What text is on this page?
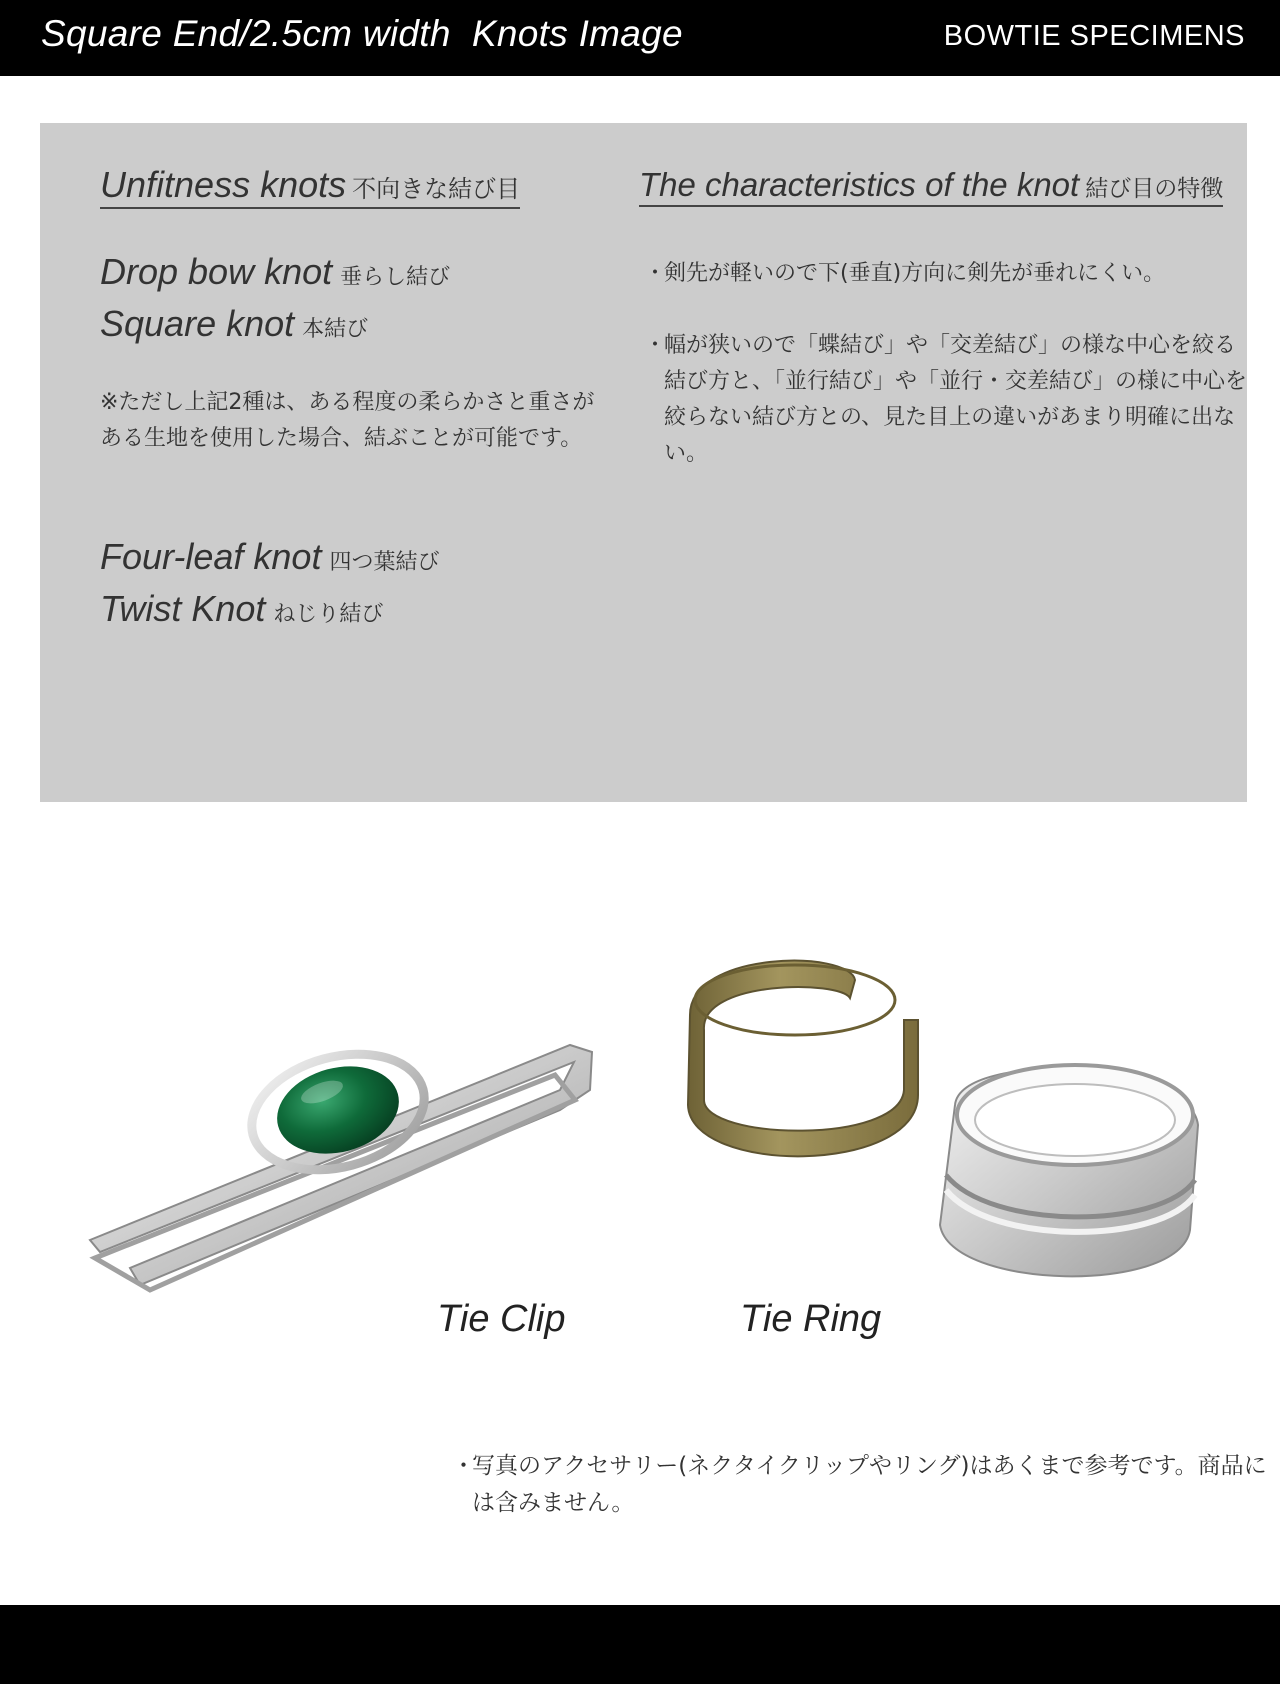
Square End/2.5cm width  Knots Image	BOWTIE SPECIMENS
Unfitness knots 不向きな結び目
Drop bow knot 垂らし結び
Square knot 本結び
※ただし上記2種は、ある程度の柔らかさと重さがある生地を使用した場合、結ぶことが可能です。
Four-leaf knot 四つ葉結び
Twist Knot ねじり結び
The characteristics of the knot 結び目の特徴
・剣先が軽いので下(垂直)方向に剣先が垂れにくい。
・幅が狭いので「蝶結び」や「交差結び」の様な中心を絞る結び方と、「並行結び」や「並行・交差結び」の様に中心を絞らない結び方との、見た目上の違いがあまり明確に出ない。
Tie Clip	Tie Ring
・写真のアクセサリー(ネクタイクリップやリング)はあくまで参考です。商品には含みません。
